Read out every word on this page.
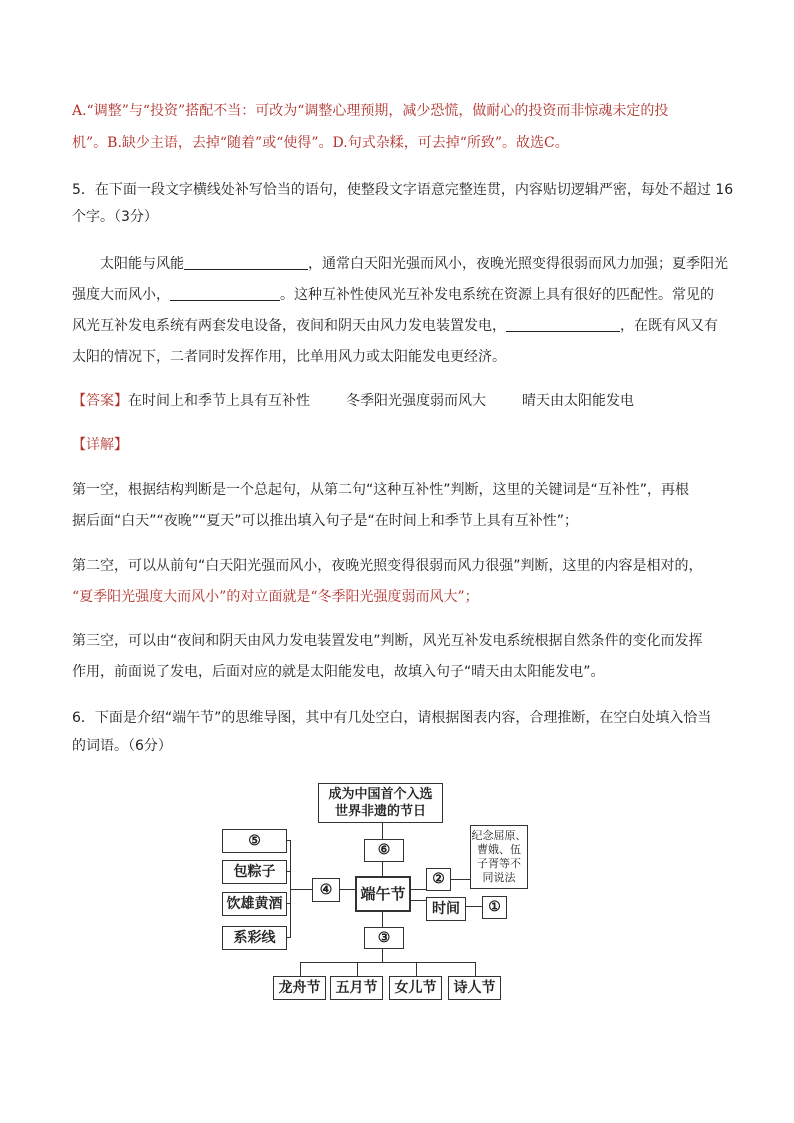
A.“调整”与“投资”搭配不当：可改为“调整心理预期，减少恐慌，做耐心的投资而非惊魂未定的投
机”。B.缺少主语，去掉“随着”或“使得”。D.句式杂糅，可去掉“所致”。故选C。
5．在下面一段文字横线处补写恰当的语句，使整段文字语意完整连贯，内容贴切逻辑严密，每处不超过 16
个字。（3分）
太阳能与风能	，通常白天阳光强而风小，夜晚光照变得很弱而风力加强；夏季阳光
强度大而风小，	。这种互补性使风光互补发电系统在资源上具有很好的匹配性。常见的
风光互补发电系统有两套发电设备，夜间和阴天由风力发电装置发电，	，在既有风又有
太阳的情况下，二者同时发挥作用，比单用风力或太阳能发电更经济。
【答案】在时间上和季节上具有互补性	冬季阳光强度弱而风大	晴天由太阳能发电
【详解】
第一空，根据结构判断是一个总起句，从第二句“这种互补性”判断，这里的关键词是“互补性”，再根
据后面“白天”“夜晚”“夏天”可以推出填入句子是“在时间上和季节上具有互补性”；
第二空，可以从前句“白天阳光强而风小，夜晚光照变得很弱而风力很强”判断，这里的内容是相对的，
“夏季阳光强度大而风小”的对立面就是“冬季阳光强度弱而风大”；
第三空，可以由“夜间和阴天由风力发电装置发电”判断，风光互补发电系统根据自然条件的变化而发挥
作用，前面说了发电，后面对应的就是太阳能发电，故填入句子“晴天由太阳能发电”。
6．下面是介绍“端午节”的思维导图，其中有几处空白，请根据图表内容，合理推断，在空白处填入恰当
的词语。（6分）
成为中国首个入选
世界非遗的节日
⑥
端午节
②
纪念屈原、
曹娥、伍
子胥等不
同说法
时间	①
④
⑤
包粽子
饮雄黄酒
系彩线	③
龙舟节	五月节	女儿节	诗人节
